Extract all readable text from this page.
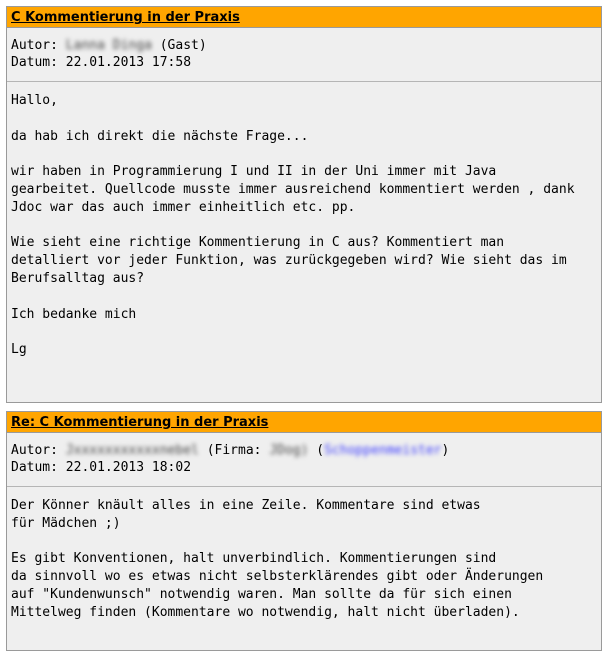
C Kommentierung in der Praxis
Autor: Lanna Dinga (Gast)
Datum: 22.01.2013 17:58
Hallo,

da hab ich direkt die nächste Frage...

wir haben in Programmierung I und II in der Uni immer mit Java
gearbeitet. Quellcode musste immer ausreichend kommentiert werden , dank
Jdoc war das auch immer einheitlich etc. pp.

Wie sieht eine richtige Kommentierung in C aus? Kommentiert man
detalliert vor jeder Funktion, was zurückgegeben wird? Wie sieht das im
Berufsalltag aus?

Ich bedanke mich

Lg
Re: C Kommentierung in der Praxis
Autor: Jxxxxxxxxxxxnebel (Firma: JDog) (Schoppenmeister)
Datum: 22.01.2013 18:02
Der Könner knäult alles in eine Zeile. Kommentare sind etwas
für Mädchen ;)

Es gibt Konventionen, halt unverbindlich. Kommentierungen sind
da sinnvoll wo es etwas nicht selbsterklärendes gibt oder Änderungen
auf "Kundenwunsch" notwendig waren. Man sollte da für sich einen
Mittelweg finden (Kommentare wo notwendig, halt nicht überladen).
